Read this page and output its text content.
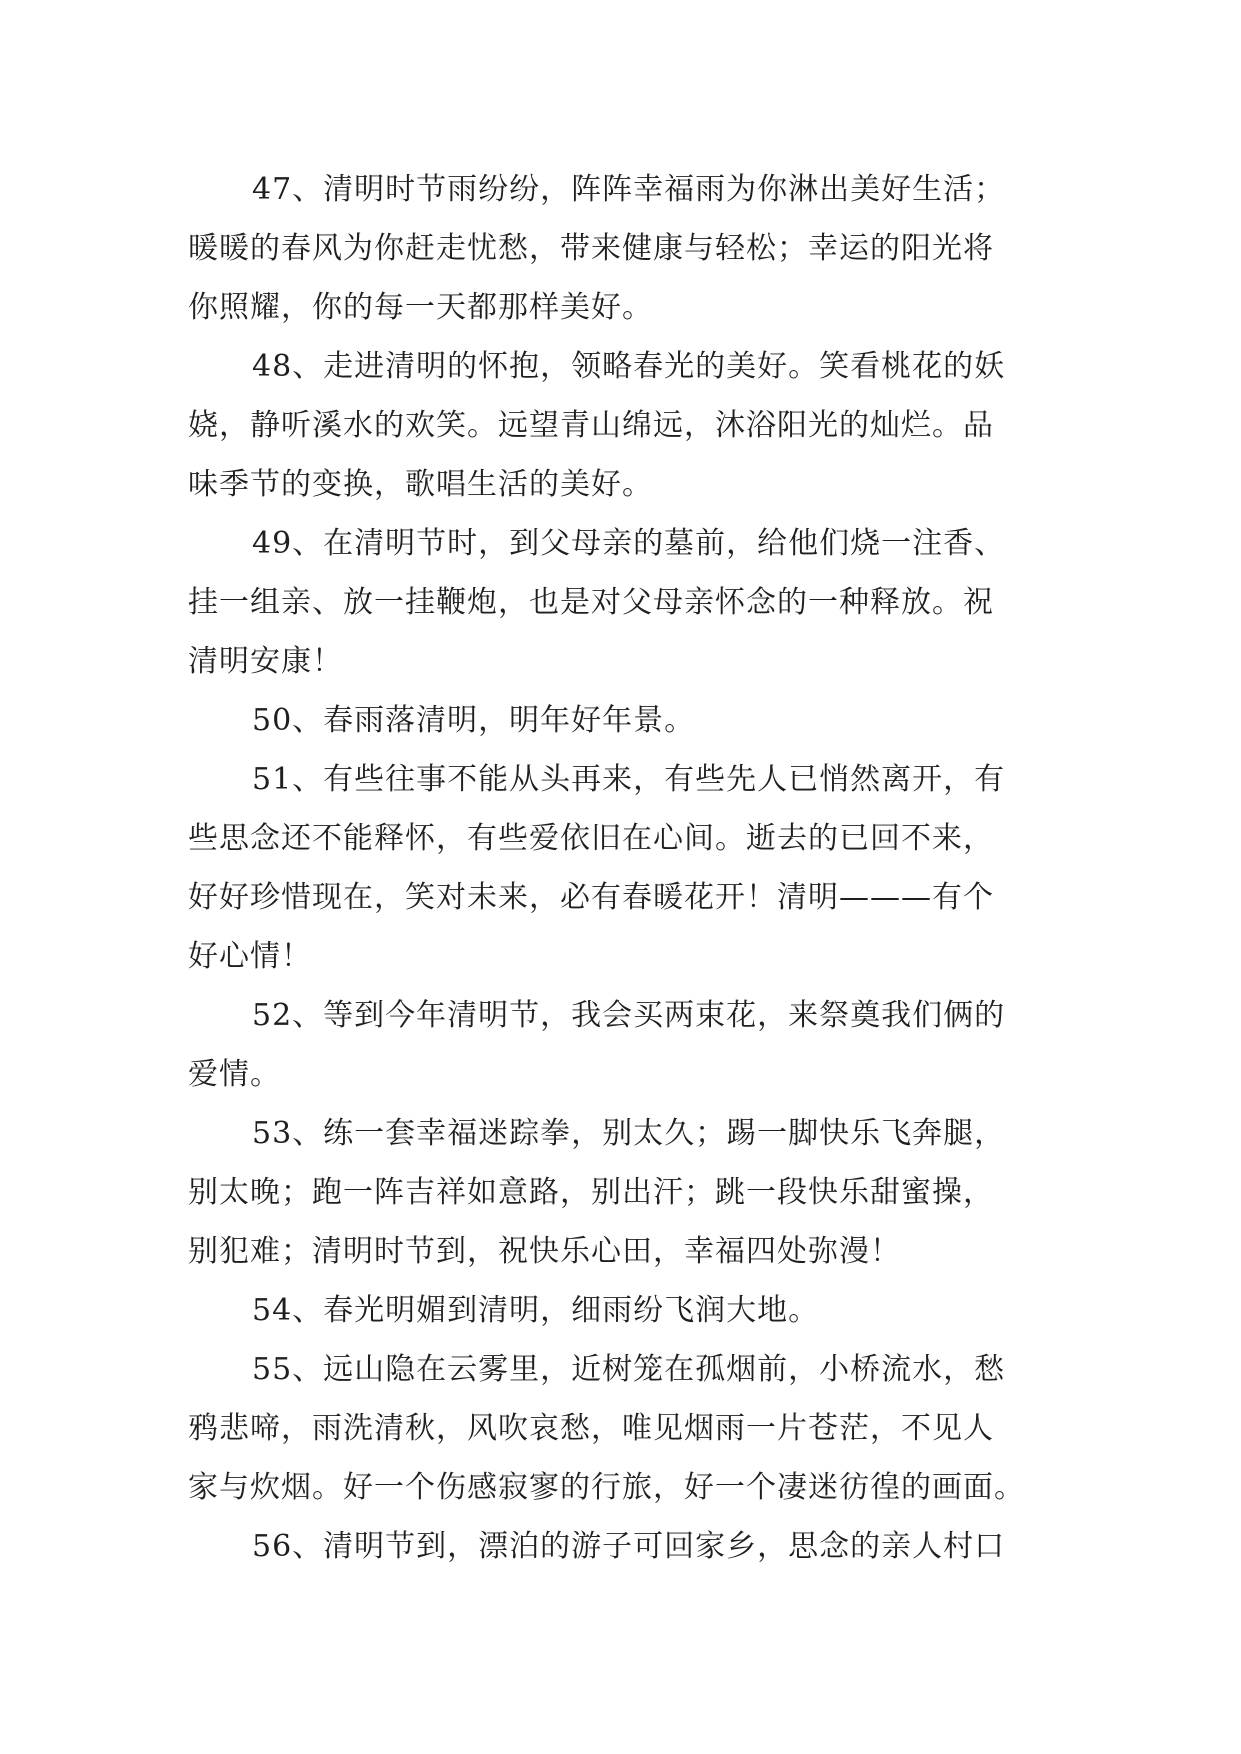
47、清明时节雨纷纷，阵阵幸福雨为你淋出美好生活；
暖暖的春风为你赶走忧愁，带来健康与轻松；幸运的阳光将
你照耀，你的每一天都那样美好。
48、走进清明的怀抱，领略春光的美好。笑看桃花的妖
娆，静听溪水的欢笑。远望青山绵远，沐浴阳光的灿烂。品
味季节的变换，歌唱生活的美好。
49、在清明节时，到父母亲的墓前，给他们烧一注香、
挂一组亲、放一挂鞭炮，也是对父母亲怀念的一种释放。祝
清明安康！
50、春雨落清明，明年好年景。
51、有些往事不能从头再来，有些先人已悄然离开，有
些思念还不能释怀，有些爱依旧在心间。逝去的已回不来，
好好珍惜现在，笑对未来，必有春暖花开！清明———有个
好心情！
52、等到今年清明节，我会买两束花，来祭奠我们俩的
爱情。
53、练一套幸福迷踪拳，别太久；踢一脚快乐飞奔腿，
别太晚；跑一阵吉祥如意路，别出汗；跳一段快乐甜蜜操，
别犯难；清明时节到，祝快乐心田，幸福四处弥漫！
54、春光明媚到清明，细雨纷飞润大地。
55、远山隐在云雾里，近树笼在孤烟前，小桥流水，愁
鸦悲啼，雨洗清秋，风吹哀愁，唯见烟雨一片苍茫，不见人
家与炊烟。好一个伤感寂寥的行旅，好一个凄迷彷徨的画面。
56、清明节到，漂泊的游子可回家乡，思念的亲人村口
